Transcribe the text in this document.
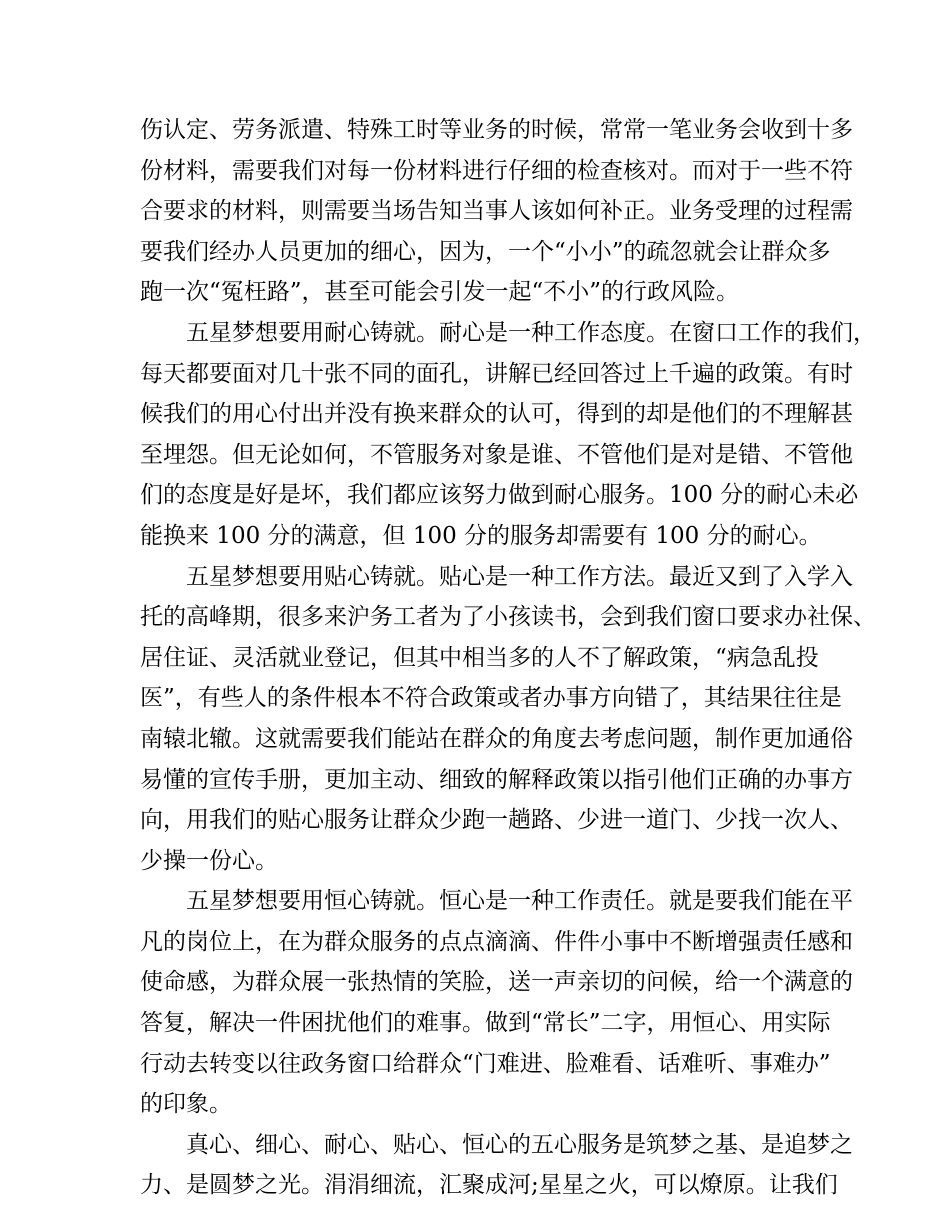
伤认定、劳务派遣、特殊工时等业务的时候，常常一笔业务会收到十多
份材料，需要我们对每一份材料进行仔细的检查核对。而对于一些不符
合要求的材料，则需要当场告知当事人该如何补正。业务受理的过程需
要我们经办人员更加的细心，因为，一个“小小”的疏忽就会让群众多
跑一次“冤枉路”，甚至可能会引发一起“不小”的行政风险。
五星梦想要用耐心铸就。耐心是一种工作态度。在窗口工作的我们，
每天都要面对几十张不同的面孔，讲解已经回答过上千遍的政策。有时
候我们的用心付出并没有换来群众的认可，得到的却是他们的不理解甚
至埋怨。但无论如何，不管服务对象是谁、不管他们是对是错、不管他
们的态度是好是坏，我们都应该努力做到耐心服务。100 分的耐心未必
能换来 100 分的满意，但 100 分的服务却需要有 100 分的耐心。
五星梦想要用贴心铸就。贴心是一种工作方法。最近又到了入学入
托的高峰期，很多来沪务工者为了小孩读书，会到我们窗口要求办社保、
居住证、灵活就业登记，但其中相当多的人不了解政策，“病急乱投
医”，有些人的条件根本不符合政策或者办事方向错了，其结果往往是
南辕北辙。这就需要我们能站在群众的角度去考虑问题，制作更加通俗
易懂的宣传手册，更加主动、细致的解释政策以指引他们正确的办事方
向，用我们的贴心服务让群众少跑一趟路、少进一道门、少找一次人、
少操一份心。
五星梦想要用恒心铸就。恒心是一种工作责任。就是要我们能在平
凡的岗位上，在为群众服务的点点滴滴、件件小事中不断增强责任感和
使命感，为群众展一张热情的笑脸，送一声亲切的问候，给一个满意的
答复，解决一件困扰他们的难事。做到“常长”二字，用恒心、用实际
行动去转变以往政务窗口给群众“门难进、脸难看、话难听、事难办”
的印象。
真心、细心、耐心、贴心、恒心的五心服务是筑梦之基、是追梦之
力、是圆梦之光。涓涓细流，汇聚成河;星星之火，可以燎原。让我们
